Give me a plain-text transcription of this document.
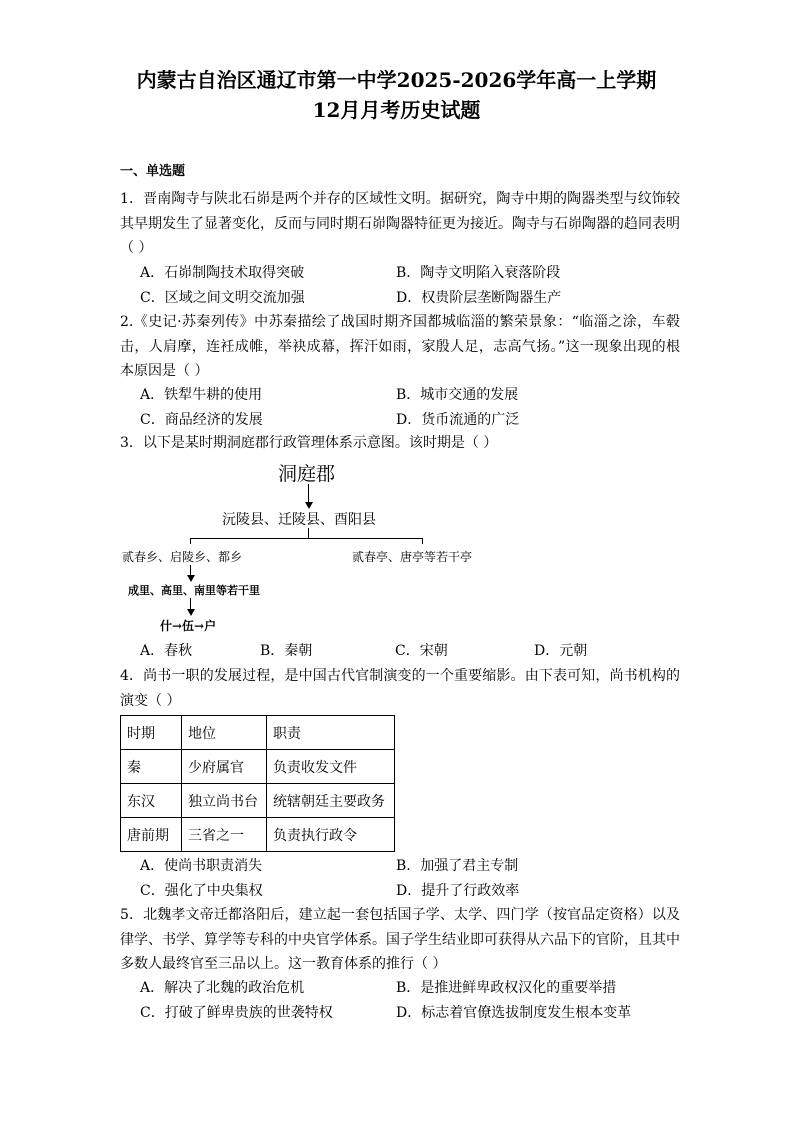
内蒙古自治区通辽市第一中学2025-2026学年高一上学期
12月月考历史试题
一、单选题
1．晋南陶寺与陕北石峁是两个并存的区域性文明。据研究，陶寺中期的陶器类型与纹饰较其早期发生了显著变化，反而与同时期石峁陶器特征更为接近。陶寺与石峁陶器的趋同表明（ ）
A．石峁制陶技术取得突破	B．陶寺文明陷入衰落阶段
C．区域之间文明交流加强	D．权贵阶层垄断陶器生产
2.《史记·苏秦列传》中苏秦描绘了战国时期齐国都城临淄的繁荣景象：“临淄之涂，车毂击，人肩摩，连衽成帷，举袂成幕，挥汗如雨，家殷人足，志高气扬。”这一现象出现的根本原因是（ ）
A．铁犁牛耕的使用	B．城市交通的发展
C．商品经济的发展	D．货币流通的广泛
3．以下是某时期洞庭郡行政管理体系示意图。该时期是（ ）
洞庭郡
沅陵县、迁陵县、酉阳县
贰春乡、启陵乡、都乡	贰春亭、唐亭等若干亭
成里、高里、南里等若干里
什→伍→户
A．春秋	B．秦朝	C．宋朝	D．元朝
4．尚书一职的发展过程，是中国古代官制演变的一个重要缩影。由下表可知，尚书机构的演变（ ）
时期	地位	职责
秦	少府属官	负责收发文件
东汉	独立尚书台	统辖朝廷主要政务
唐前期	三省之一	负责执行政令
A．使尚书职责消失	B．加强了君主专制
C．强化了中央集权	D．提升了行政效率
5．北魏孝文帝迁都洛阳后，建立起一套包括国子学、太学、四门学（按官品定资格）以及律学、书学、算学等专科的中央官学体系。国子学生结业即可获得从六品下的官阶，且其中多数人最终官至三品以上。这一教育体系的推行（ ）
A．解决了北魏的政治危机	B．是推进鲜卑政权汉化的重要举措
C．打破了鲜卑贵族的世袭特权	D．标志着官僚选拔制度发生根本变革
